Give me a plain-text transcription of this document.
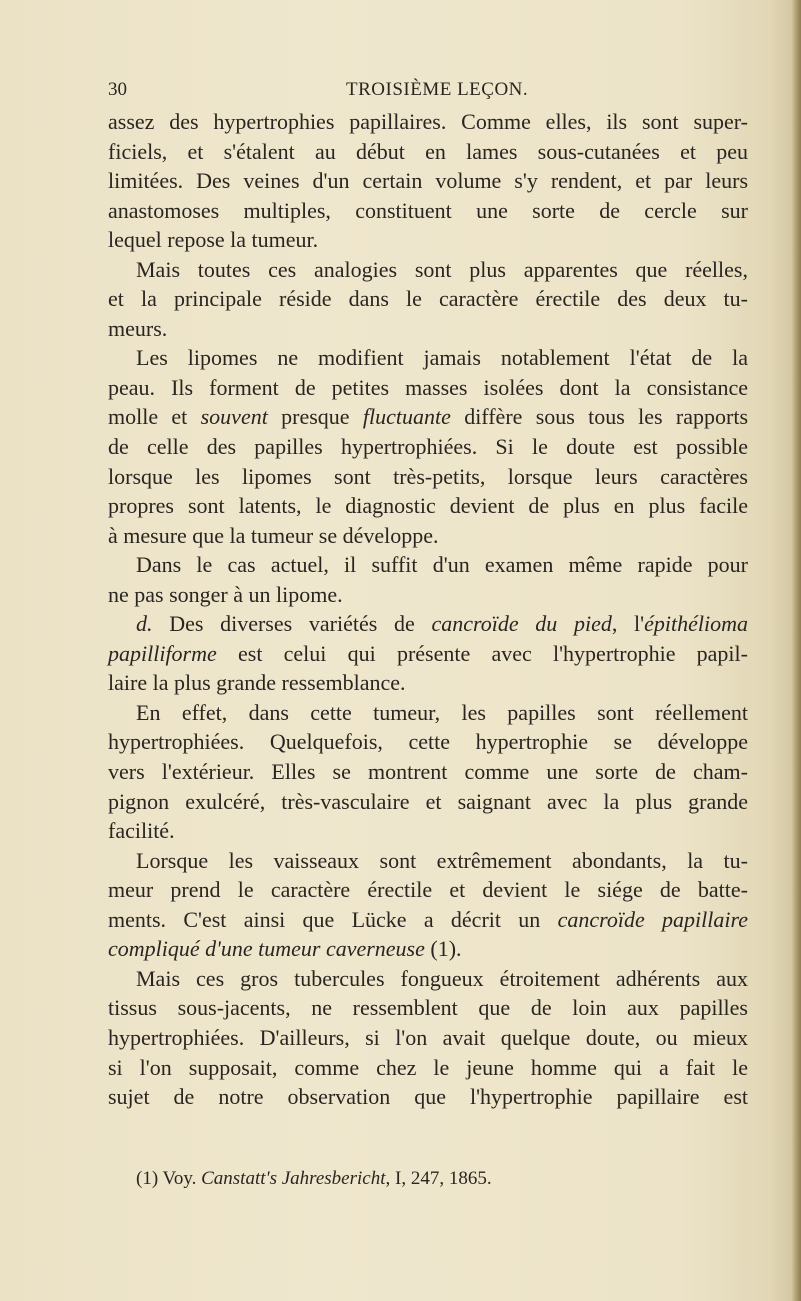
30	TROISIÈME LEÇON.
assez des hypertrophies papillaires. Comme elles, ils sont super-
ficiels, et s'étalent au début en lames sous-cutanées et peu
limitées. Des veines d'un certain volume s'y rendent, et par leurs
anastomoses multiples, constituent une sorte de cercle sur
lequel repose la tumeur.
Mais toutes ces analogies sont plus apparentes que réelles,
et la principale réside dans le caractère érectile des deux tu-
meurs.
Les lipomes ne modifient jamais notablement l'état de la
peau. Ils forment de petites masses isolées dont la consistance
molle et souvent presque fluctuante diffère sous tous les rapports
de celle des papilles hypertrophiées. Si le doute est possible
lorsque les lipomes sont très-petits, lorsque leurs caractères
propres sont latents, le diagnostic devient de plus en plus facile
à mesure que la tumeur se développe.
Dans le cas actuel, il suffit d'un examen même rapide pour
ne pas songer à un lipome.
d. Des diverses variétés de cancroïde du pied, l'épithélioma
papilliforme est celui qui présente avec l'hypertrophie papil-
laire la plus grande ressemblance.
En effet, dans cette tumeur, les papilles sont réellement
hypertrophiées. Quelquefois, cette hypertrophie se développe
vers l'extérieur. Elles se montrent comme une sorte de cham-
pignon exulcéré, très-vasculaire et saignant avec la plus grande
facilité.
Lorsque les vaisseaux sont extrêmement abondants, la tu-
meur prend le caractère érectile et devient le siége de batte-
ments. C'est ainsi que Lücke a décrit un cancroïde papillaire
compliqué d'une tumeur caverneuse (1).
Mais ces gros tubercules fongueux étroitement adhérents aux
tissus sous-jacents, ne ressemblent que de loin aux papilles
hypertrophiées. D'ailleurs, si l'on avait quelque doute, ou mieux
si l'on supposait, comme chez le jeune homme qui a fait le
sujet de notre observation que l'hypertrophie papillaire est
(1) Voy. Canstatt's Jahresbericht, I, 247, 1865.
